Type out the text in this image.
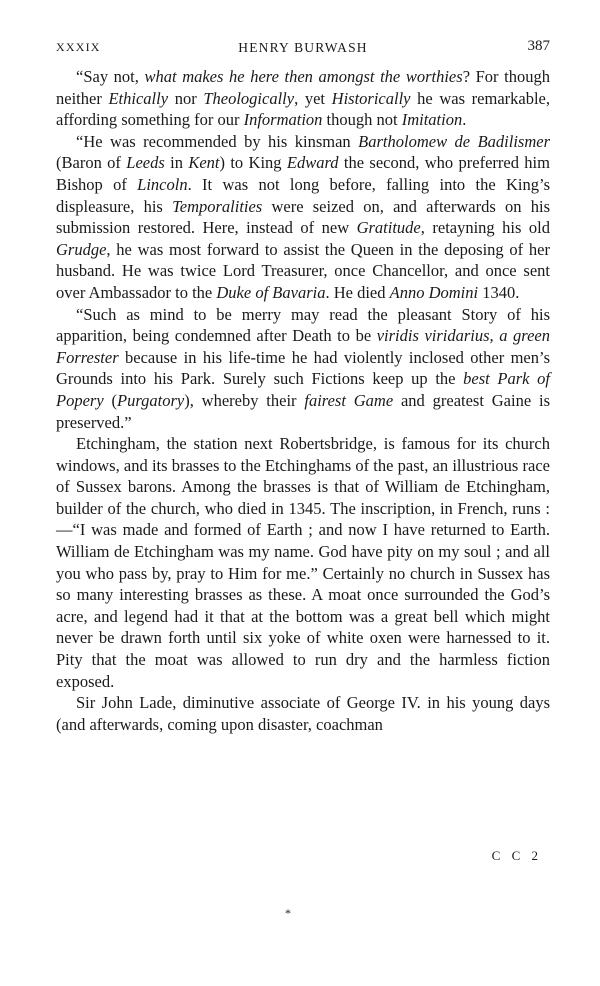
XXXIX	HENRY BURWASH	387

“Say not, what makes he here then amongst the worthies? For though neither Ethically nor Theologically, yet Historically he was remarkable, affording something for our Information though not Imitation.

“He was recommended by his kinsman Bartholomew de Badilismer (Baron of Leeds in Kent) to King Edward the second, who preferred him Bishop of Lincoln. It was not long before, falling into the King’s displeasure, his Temporalities were seized on, and afterwards on his submission restored. Here, instead of new Gratitude, retayning his old Grudge, he was most forward to assist the Queen in the deposing of her husband. He was twice Lord Treasurer, once Chancellor, and once sent over Ambassador to the Duke of Bavaria. He died Anno Domini 1340.

“Such as mind to be merry may read the pleasant Story of his apparition, being condemned after Death to be viridis viridarius, a green Forrester because in his life-time he had violently inclosed other men’s Grounds into his Park. Surely such Fictions keep up the best Park of Popery (Purgatory), whereby their fairest Game and greatest Gaine is preserved.”

Etchingham, the station next Robertsbridge, is famous for its church windows, and its brasses to the Etchinghams of the past, an illustrious race of Sussex barons. Among the brasses is that of William de Etchingham, builder of the church, who died in 1345. The inscription, in French, runs :—“I was made and formed of Earth ; and now I have returned to Earth. William de Etchingham was my name. God have pity on my soul ; and all you who pass by, pray to Him for me.” Certainly no church in Sussex has so many interesting brasses as these. A moat once surrounded the God’s acre, and legend had it that at the bottom was a great bell which might never be drawn forth until six yoke of white oxen were harnessed to it. Pity that the moat was allowed to run dry and the harmless fiction exposed.

Sir John Lade, diminutive associate of George IV. in his young days (and afterwards, coming upon disaster, coachman

C C 2
*
